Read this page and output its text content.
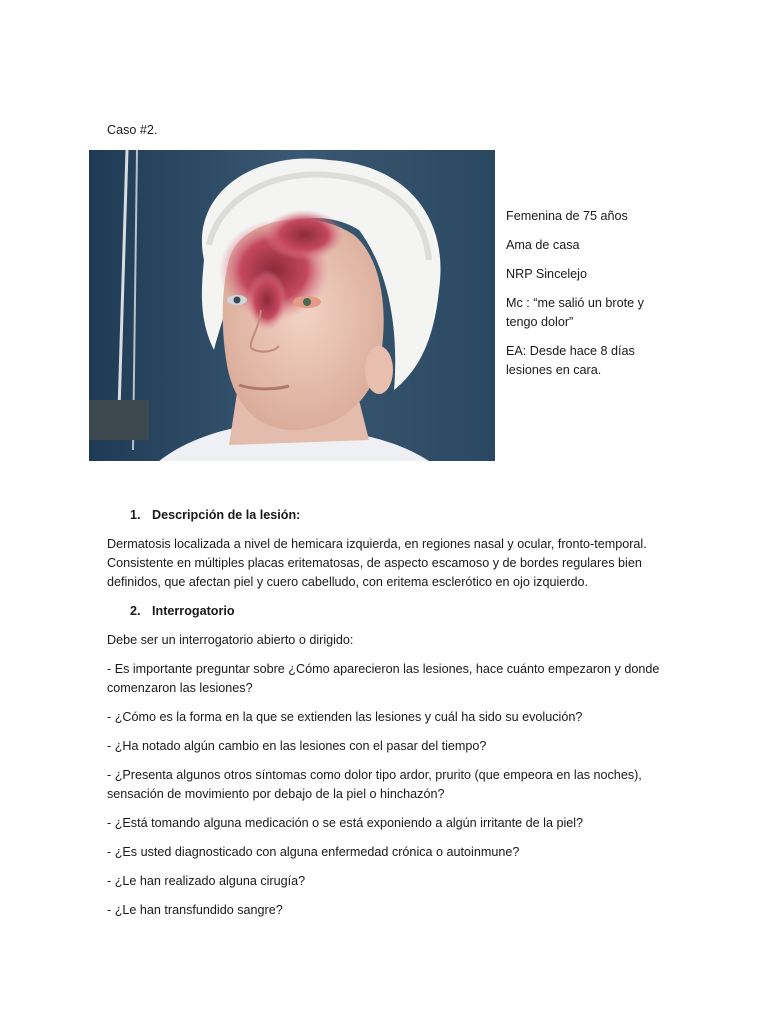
Caso #2.

Femenina de 75 años

Ama de casa

NRP Sincelejo

Mc : “me salió un brote y tengo dolor”

EA: Desde hace 8 días lesiones en cara.

1. Descripción de la lesión:

Dermatosis localizada a nivel de hemicara izquierda, en regiones nasal y ocular, fronto-temporal. Consistente en múltiples placas eritematosas, de aspecto escamoso y de bordes regulares bien definidos, que afectan piel y cuero cabelludo, con eritema esclerótico en ojo izquierdo.

2. Interrogatorio

Debe ser un interrogatorio abierto o dirigido:

- Es importante preguntar sobre ¿Cómo aparecieron las lesiones, hace cuánto empezaron y donde comenzaron las lesiones?

- ¿Cómo es la forma en la que se extienden las lesiones y cuál ha sido su evolución?

- ¿Ha notado algún cambio en las lesiones con el pasar del tiempo?

- ¿Presenta algunos otros síntomas como dolor tipo ardor, prurito (que empeora en las noches), sensación de movimiento por debajo de la piel o hinchazón?

- ¿Está tomando alguna medicación o se está exponiendo a algún irritante de la piel?

- ¿Es usted diagnosticado con alguna enfermedad crónica o autoinmune?

- ¿Le han realizado alguna cirugía?

- ¿Le han transfundido sangre?
